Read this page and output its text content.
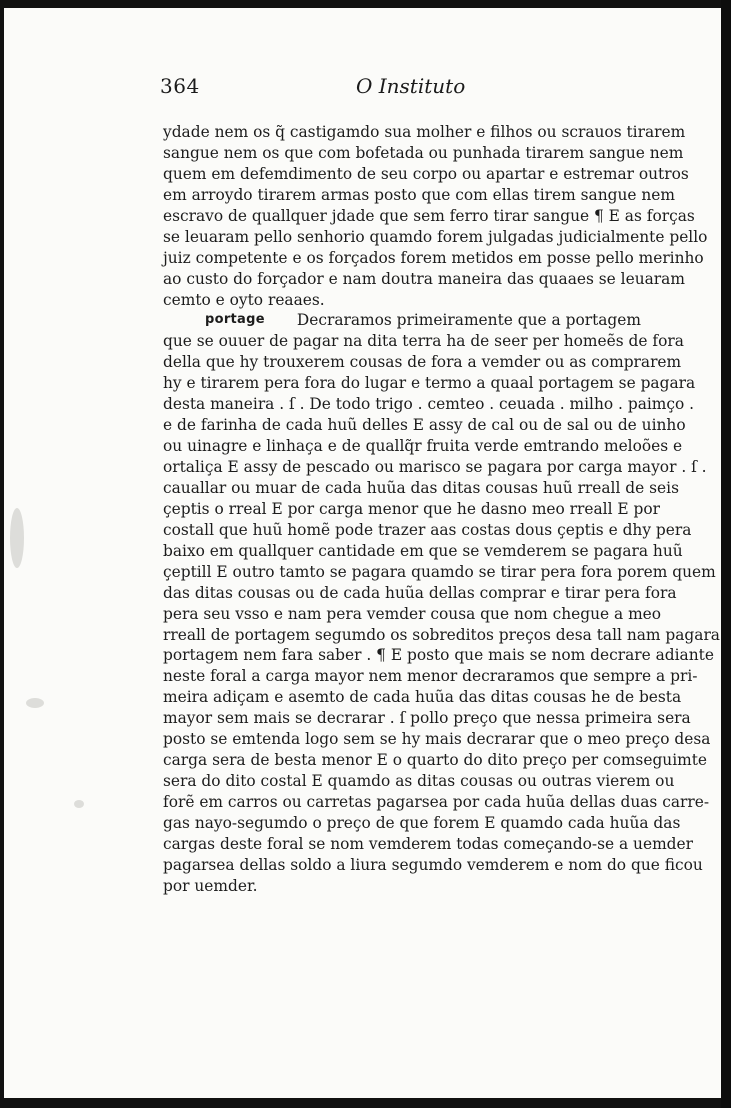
364	O Instituto
ydade nem os q̃ castigamdo sua molher e filhos ou scrauos tirarem
sangue nem os que com bofetada ou punhada tirarem sangue nem
quem em defemdimento de seu corpo ou apartar e estremar outros
em arroydo tirarem armas posto que com ellas tirem sangue nem
escravo de quallquer jdade que sem ferro tirar sangue ¶ E as forças
se leuaram pello senhorio quamdo forem julgadas judicialmente pello
juiz competente e os forçados forem metidos em posse pello merinho
ao custo do forçador e nam doutra maneira das quaaes se leuaram
cemto e oyto reaaes.
portage	Decraramos primeiramente que a portagem
que se ouuer de pagar na dita terra ha de seer per homeẽs de fora
della que hy trouxerem cousas de fora a vemder ou as comprarem
hy e tirarem pera fora do lugar e termo a quaal portagem se pagara
desta maneira . ſ . De todo trigo . cemteo . ceuada . milho . paimço .
e de farinha de cada huũ delles E assy de cal ou de sal ou de uinho
ou uinagre e linhaça e de quallq̃r fruita verde emtrando meloões e
ortaliça E assy de pescado ou marisco se pagara por carga mayor . ſ .
cauallar ou muar de cada huũa das ditas cousas huũ rreall de seis
çeptis o rreal E por carga menor que he dasno meo rreall E por
costall que huũ homẽ pode trazer aas costas dous çeptis e dhy pera
baixo em quallquer cantidade em que se vemderem se pagara huũ
çeptill E outro tamto se pagara quamdo se tirar pera fora porem quem
das ditas cousas ou de cada huũa dellas comprar e tirar pera fora
pera seu vsso e nam pera vemder cousa que nom chegue a meo
rreall de portagem segumdo os sobreditos preços desa tall nam pagara
portagem nem fara saber . ¶ E posto que mais se nom decrare adiante
neste foral a carga mayor nem menor decraramos que sempre a pri-
meira adiçam e asemto de cada huũa das ditas cousas he de besta
mayor sem mais se decrarar . ſ pollo preço que nessa primeira sera
posto se emtenda logo sem se hy mais decrarar que o meo preço desa
carga sera de besta menor E o quarto do dito preço per comseguimte
sera do dito costal E quamdo as ditas cousas ou outras vierem ou
forẽ em carros ou carretas pagarsea por cada huũa dellas duas carre-
gas nayo-segumdo o preço de que forem E quamdo cada huũa das
cargas deste foral se nom vemderem todas começando-se a uemder
pagarsea dellas soldo a liura segumdo vemderem e nom do que ficou
por uemder.
